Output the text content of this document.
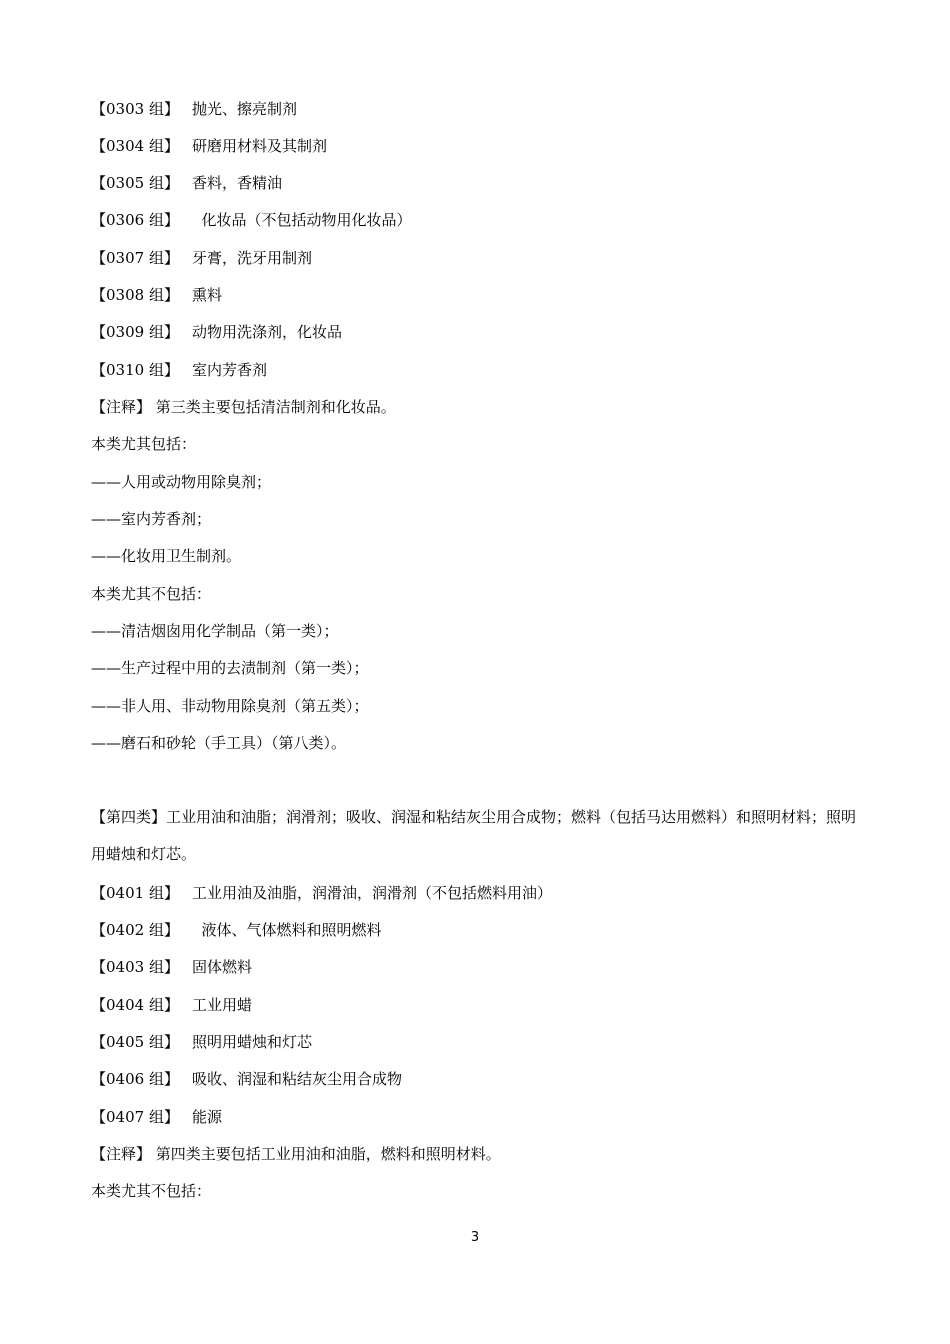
【0303 组】 抛光、擦亮制剂
【0304 组】 研磨用材料及其制剂
【0305 组】 香料，香精油
【0306 组】  化妆品（不包括动物用化妆品）
【0307 组】 牙膏，洗牙用制剂
【0308 组】 熏料
【0309 组】 动物用洗涤剂，化妆品
【0310 组】 室内芳香剂
【注释】 第三类主要包括清洁制剂和化妆品。
本类尤其包括：
——人用或动物用除臭剂；
——室内芳香剂；
——化妆用卫生制剂。
本类尤其不包括：
——清洁烟囱用化学制品（第一类）；
——生产过程中用的去渍制剂（第一类）；
——非人用、非动物用除臭剂（第五类）；
——磨石和砂轮（手工具）（第八类）。
【第四类】工业用油和油脂；润滑剂；吸收、润湿和粘结灰尘用合成物；燃料（包括马达用燃料）和照明材料；照明用蜡烛和灯芯。
【0401 组】 工业用油及油脂，润滑油，润滑剂（不包括燃料用油）
【0402 组】  液体、气体燃料和照明燃料
【0403 组】 固体燃料
【0404 组】 工业用蜡
【0405 组】 照明用蜡烛和灯芯
【0406 组】 吸收、润湿和粘结灰尘用合成物
【0407 组】 能源
【注释】 第四类主要包括工业用油和油脂，燃料和照明材料。
本类尤其不包括：
3
